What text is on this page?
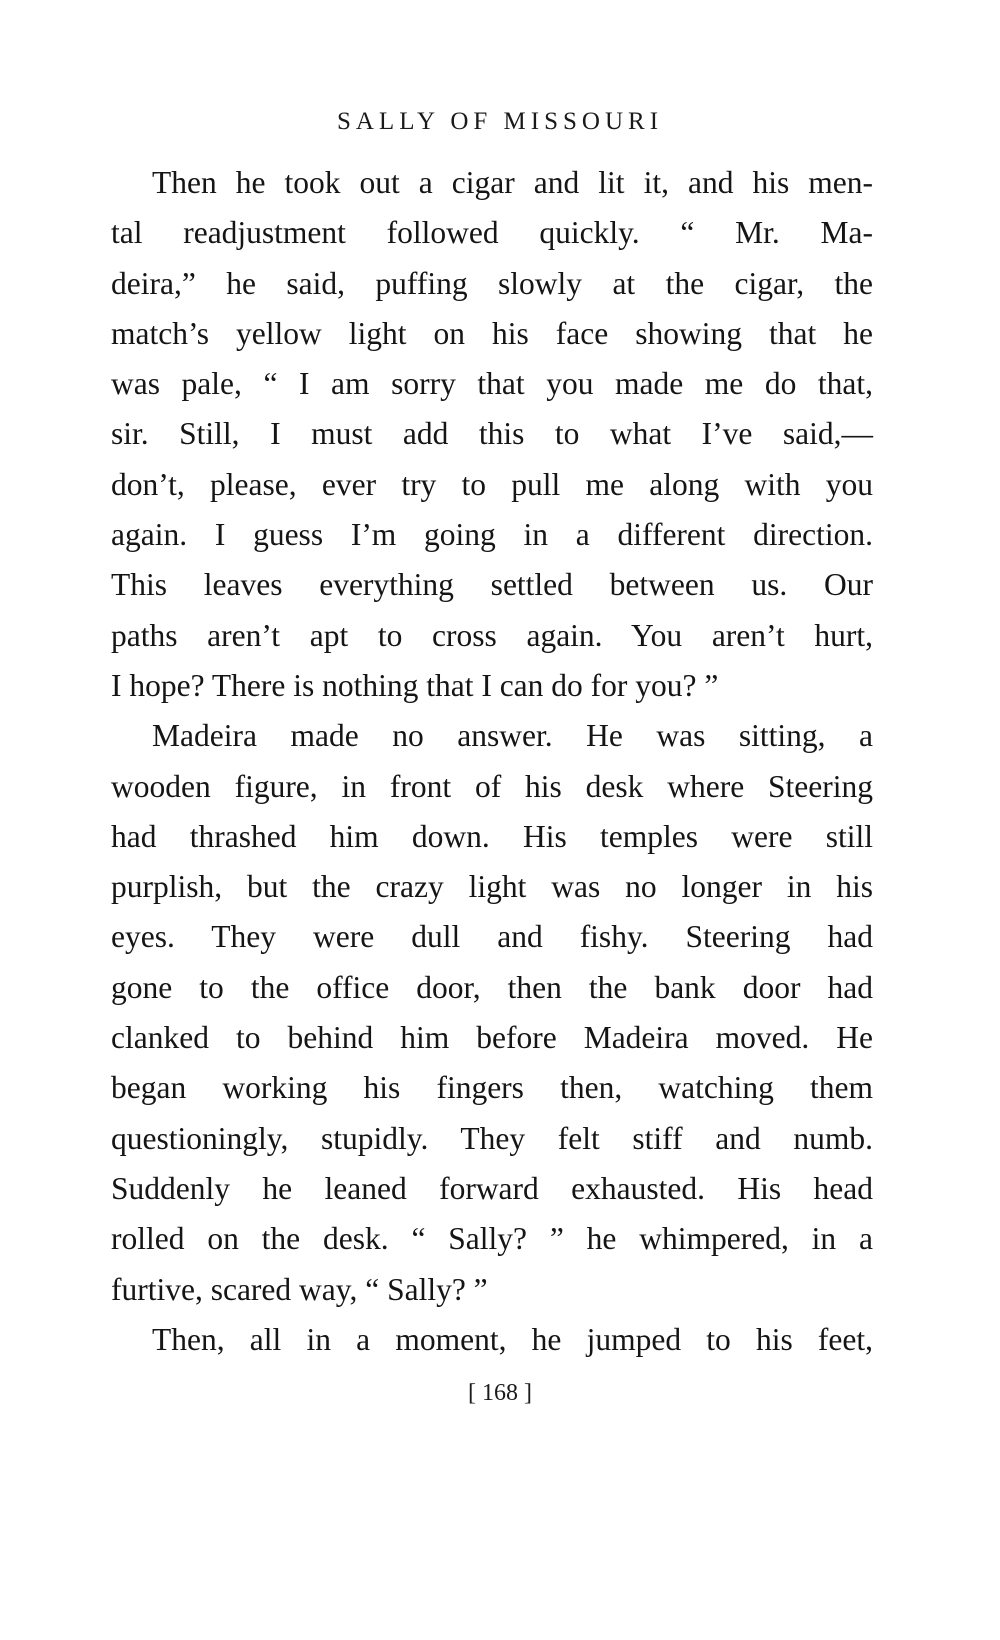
SALLY OF MISSOURI
Then he took out a cigar and lit it, and his men-
tal readjustment followed quickly. “ Mr. Ma-
deira,” he said, puffing slowly at the cigar, the
match’s yellow light on his face showing that he
was pale, “ I am sorry that you made me do that,
sir. Still, I must add this to what I’ve said,—
don’t, please, ever try to pull me along with you
again. I guess I’m going in a different direction.
This leaves everything settled between us. Our
paths aren’t apt to cross again. You aren’t hurt,
I hope? There is nothing that I can do for you? ”
Madeira made no answer. He was sitting, a
wooden figure, in front of his desk where Steering
had thrashed him down. His temples were still
purplish, but the crazy light was no longer in his
eyes. They were dull and fishy. Steering had
gone to the office door, then the bank door had
clanked to behind him before Madeira moved. He
began working his fingers then, watching them
questioningly, stupidly. They felt stiff and numb.
Suddenly he leaned forward exhausted. His head
rolled on the desk. “ Sally? ” he whimpered, in a
furtive, scared way, “ Sally? ”
Then, all in a moment, he jumped to his feet,
[ 168 ]
